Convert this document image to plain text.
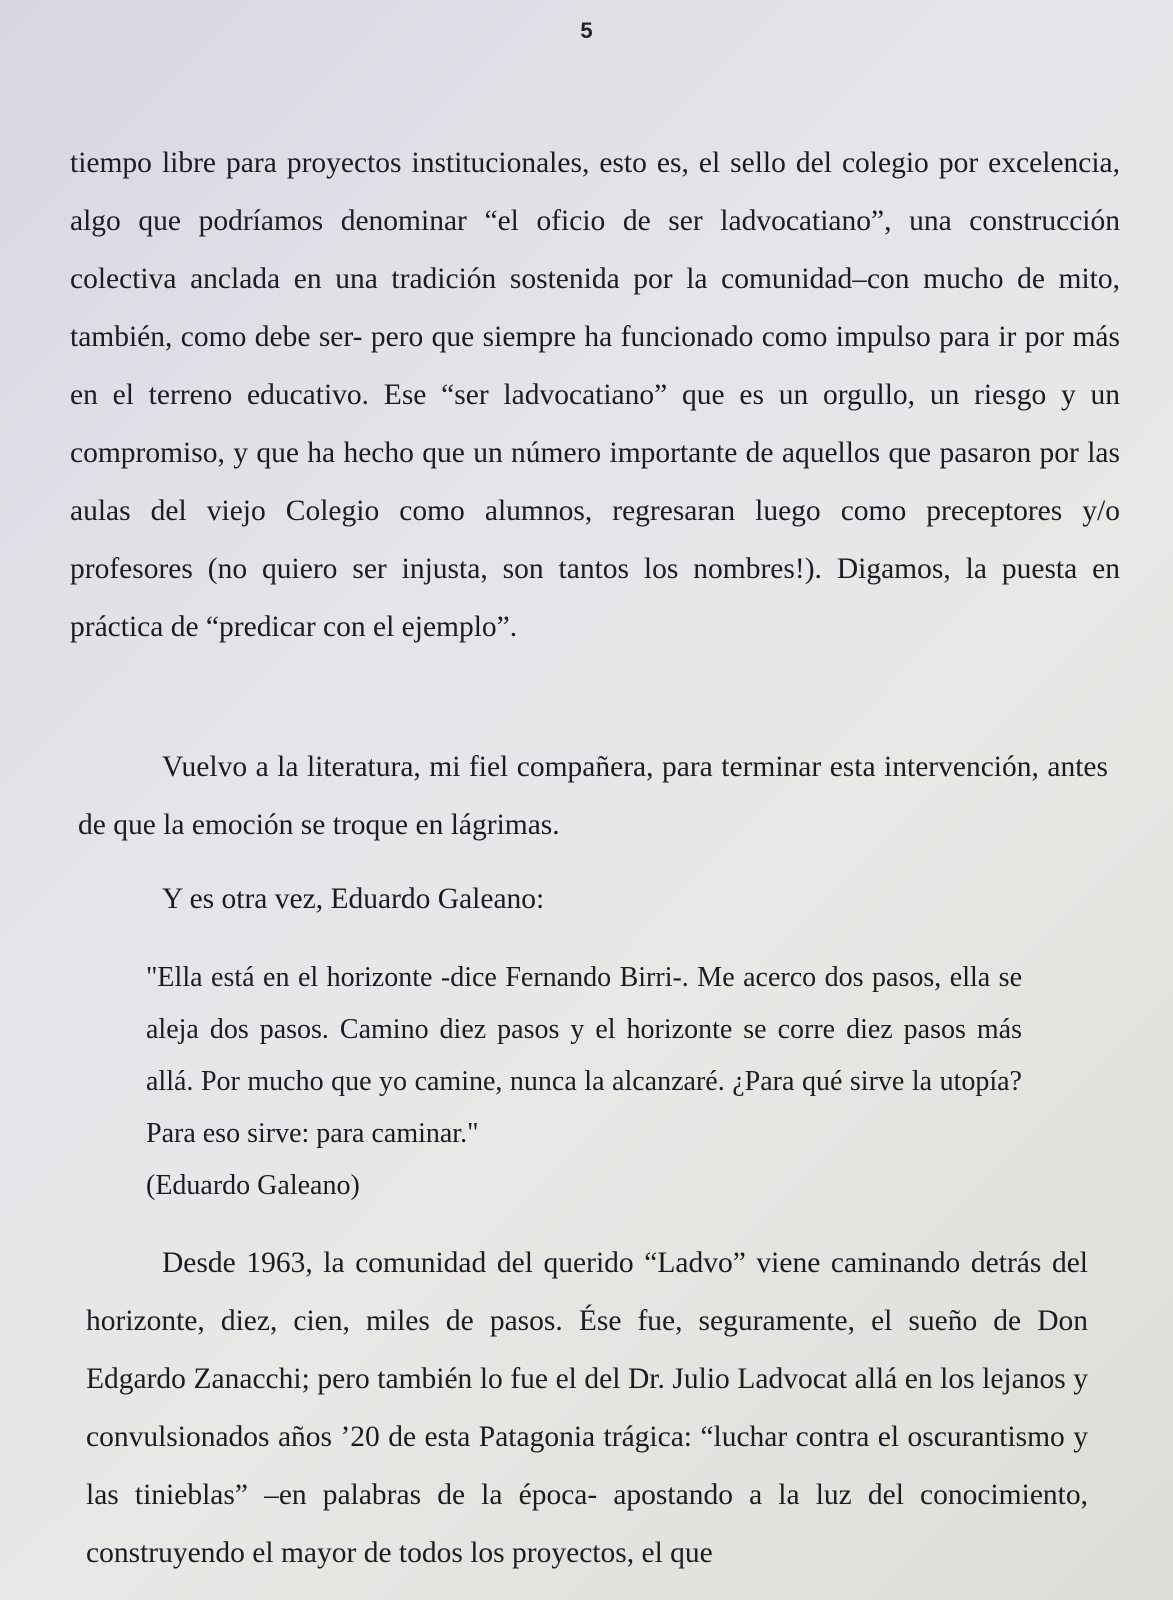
5

tiempo libre para proyectos institucionales, esto es, el sello del colegio por excelencia, algo que podríamos denominar “el oficio de ser ladvocatiano”, una construcción colectiva anclada en una tradición sostenida por la comunidad–con mucho de mito, también, como debe ser- pero que siempre ha funcionado como impulso para ir por más en el terreno educativo. Ese “ser ladvocatiano” que es un orgullo, un riesgo y un compromiso, y que ha hecho que un número importante de aquellos que pasaron por las aulas del viejo Colegio como alumnos, regresaran luego como preceptores y/o profesores (no quiero ser injusta, son tantos los nombres!). Digamos, la puesta en práctica de “predicar con el ejemplo”.

Vuelvo a la literatura, mi fiel compañera, para terminar esta intervención, antes de que la emoción se troque en lágrimas.

Y es otra vez, Eduardo Galeano:

"Ella está en el horizonte -dice Fernando Birri-. Me acerco dos pasos, ella se aleja dos pasos. Camino diez pasos y el horizonte se corre diez pasos más allá. Por mucho que yo camine, nunca la alcanzaré. ¿Para qué sirve la utopía? Para eso sirve: para caminar."
(Eduardo Galeano)

Desde 1963, la comunidad del querido “Ladvo” viene caminando detrás del horizonte, diez, cien, miles de pasos. Ése fue, seguramente, el sueño de Don Edgardo Zanacchi; pero también lo fue el del Dr. Julio Ladvocat allá en los lejanos y convulsionados años ’20 de esta Patagonia trágica: “luchar contra el oscurantismo y las tinieblas” –en palabras de la época- apostando a la luz del conocimiento, construyendo el mayor de todos los proyectos, el que
